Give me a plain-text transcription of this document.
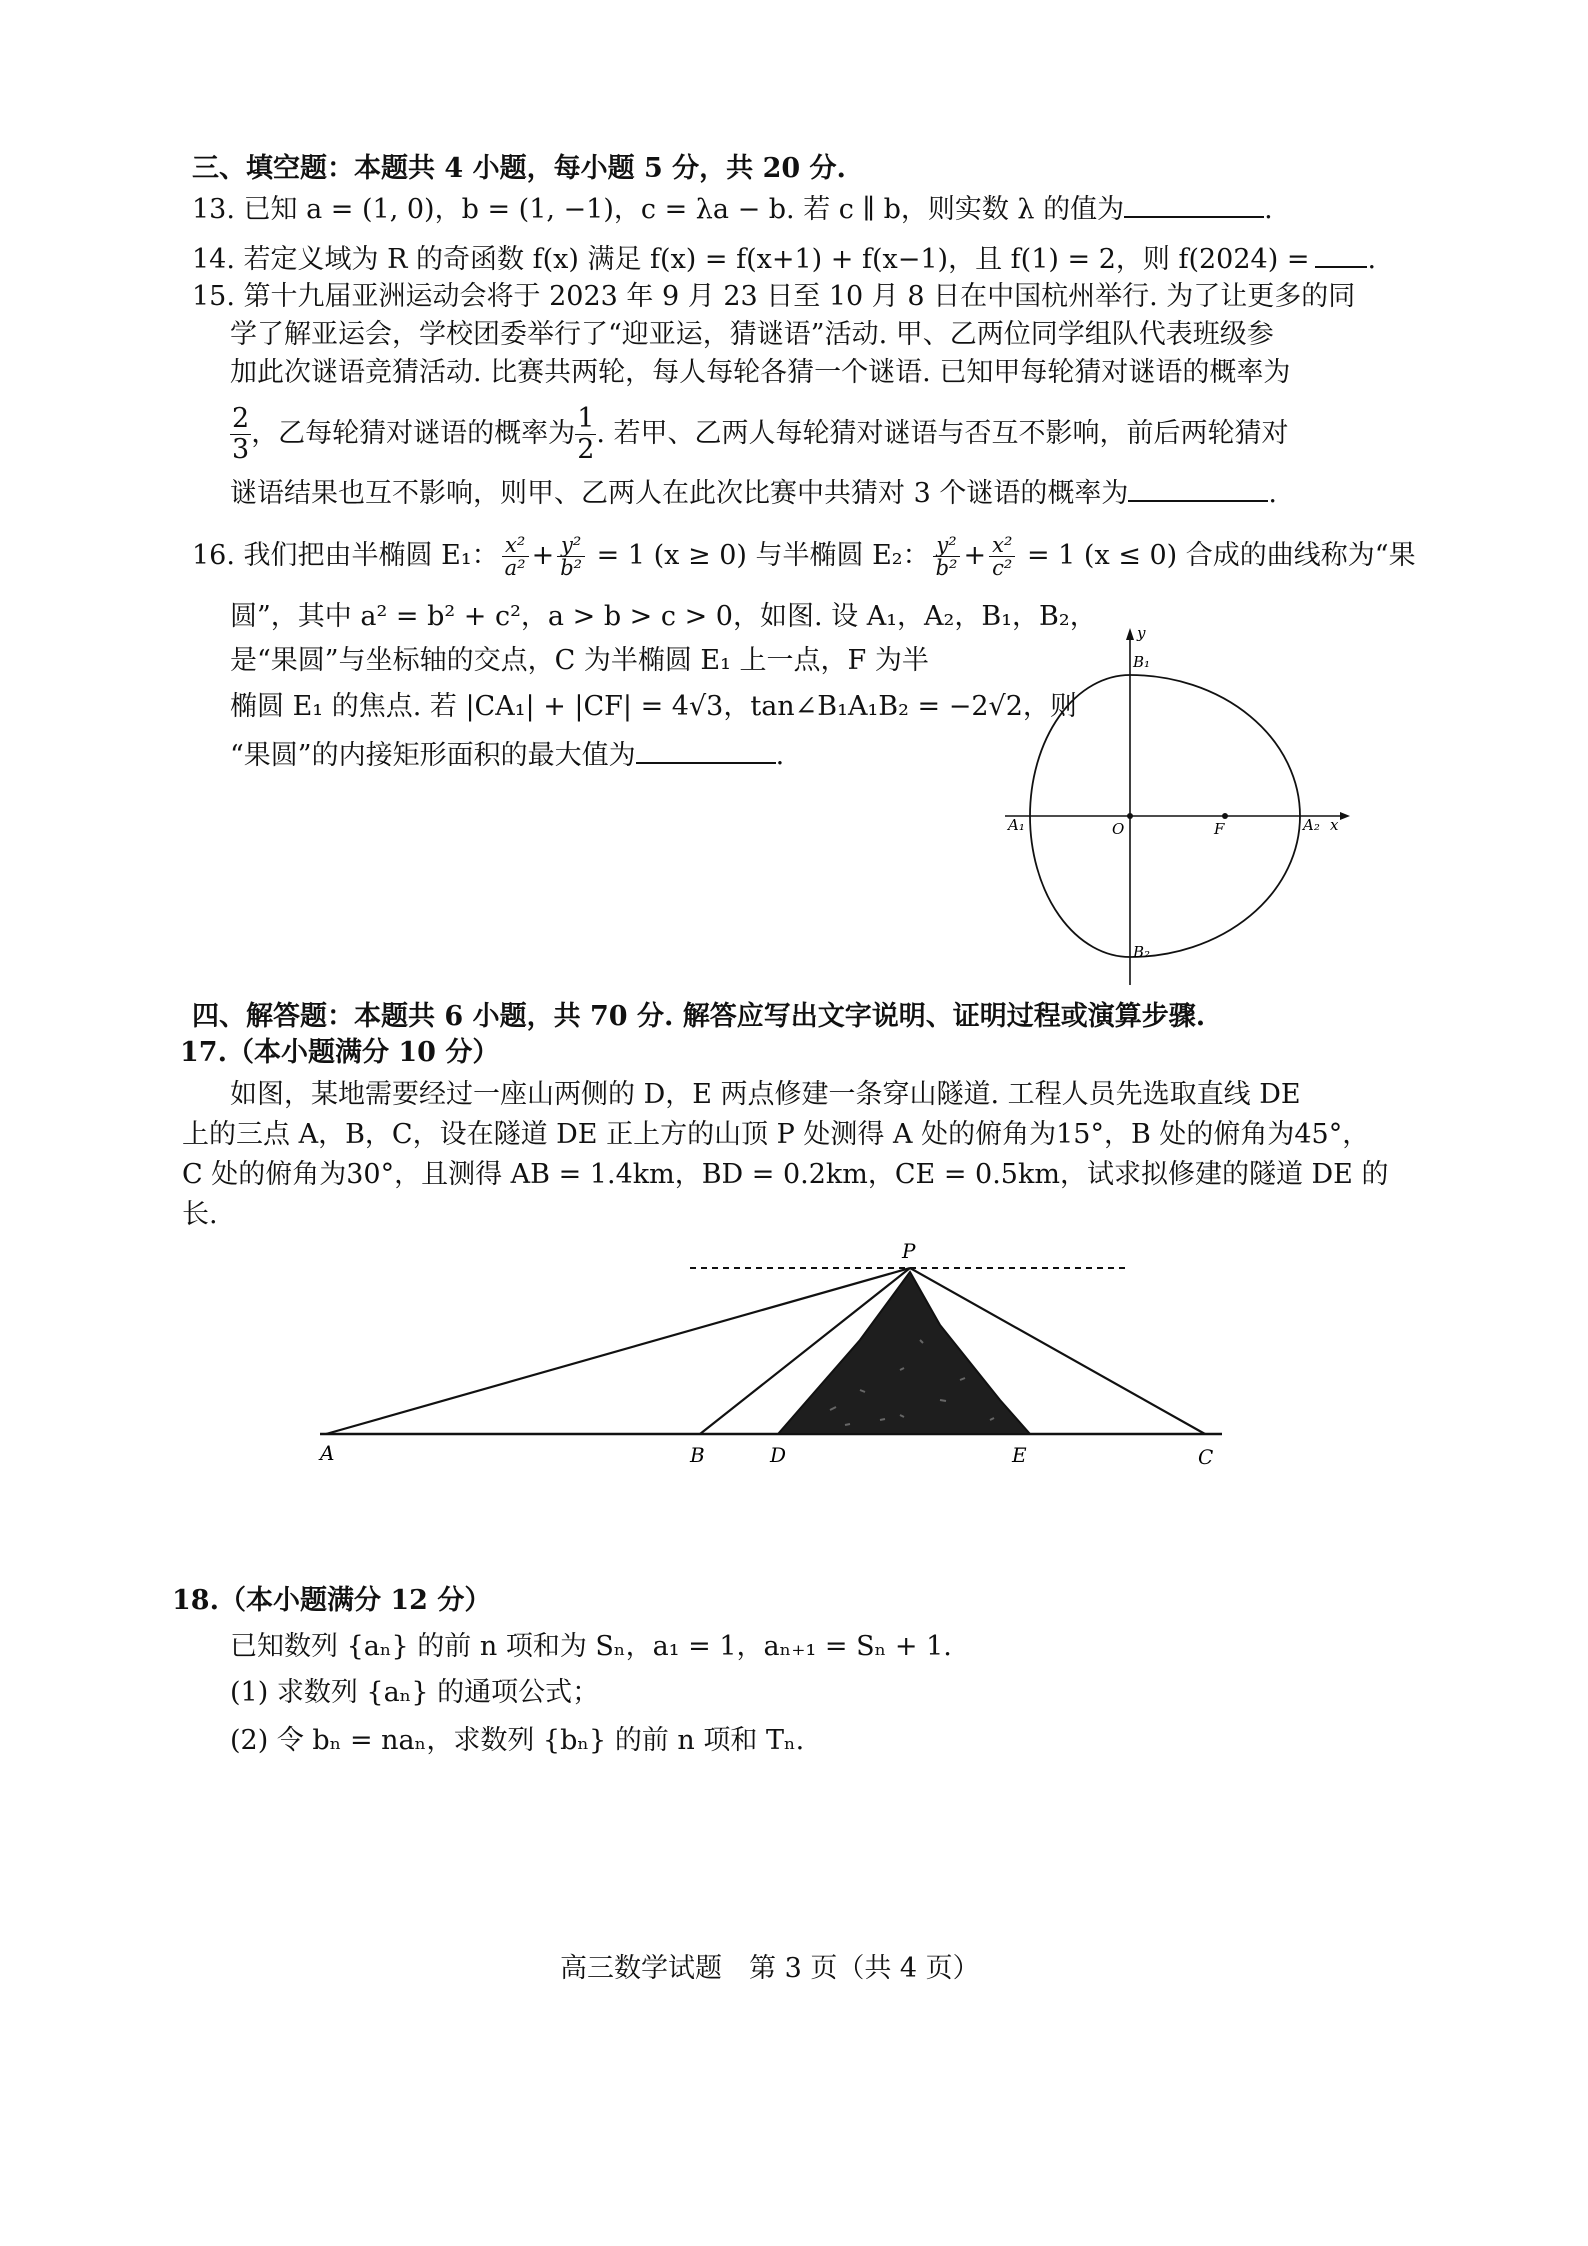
三、填空题：本题共 4 小题，每小题 5 分，共 20 分.
13. 已知 a = (1, 0)，b = (1, −1)，c = λa − b. 若 c ∥ b，则实数 λ 的值为	.
14. 若定义域为 R 的奇函数 f(x) 满足 f(x) = f(x+1) + f(x−1)，且 f(1) = 2，则 f(2024) = .
15. 第十九届亚洲运动会将于 2023 年 9 月 23 日至 10 月 8 日在中国杭州举行. 为了让更多的同
学了解亚运会，学校团委举行了“迎亚运，猜谜语”活动. 甲、乙两位同学组队代表班级参
加此次谜语竞猜活动. 比赛共两轮，每人每轮各猜一个谜语. 已知甲每轮猜对谜语的概率为
$\frac{2}{3}$ ，乙每轮猜对谜语的概率为 $\frac{1}{2}$ . 若甲、乙两人每轮猜对谜语与否互不影响，前后两轮猜对
谜语结果也互不影响，则甲、乙两人在此次比赛中共猜对 3 个谜语的概率为	.
16. 我们把由半椭圆 E₁： $\frac{\text{x²}}{\text{a²}} + \frac{\text{y²}}{\text{b²}} = 1$ (x ≥ 0) 与半椭圆 E₂： $\frac{\text{y²}}{\text{b²}} + \frac{\text{x²}}{\text{c²}} = 1$ (x ≤ 0) 合成的曲线称为“果
圆”，其中 a² = b² + c²，a > b > c > 0，如图. 设 A₁，A₂，B₁，B₂，
是“果圆”与坐标轴的交点，C 为半椭圆 E₁ 上一点，F 为半
椭圆 E₁ 的焦点. 若 |CA₁| + |CF| = 4√3，tan∠B₁A₁B₂ = −2√2，则
“果圆”的内接矩形面积的最大值为	.
y
B₁
B₂
A₁	A₂ x
O	F
四、解答题：本题共 6 小题，共 70 分. 解答应写出文字说明、证明过程或演算步骤.
17.（本小题满分 10 分）
如图，某地需要经过一座山两侧的 D，E 两点修建一条穿山隧道. 工程人员先选取直线 DE
上的三点 A，B，C，设在隧道 DE 正上方的山顶 P 处测得 A 处的俯角为15°，B 处的俯角为45°，
C 处的俯角为30°，且测得 AB = 1.4km，BD = 0.2km，CE = 0.5km，试求拟修建的隧道 DE 的
长.
P
A	B	D	E	C
18.（本小题满分 12 分）
已知数列 {aₙ} 的前 n 项和为 Sₙ，a₁ = 1，aₙ₊₁ = Sₙ + 1.
(1) 求数列 {aₙ} 的通项公式；
(2) 令 bₙ = naₙ，求数列 {bₙ} 的前 n 项和 Tₙ.
高三数学试题　第 3 页（共 4 页）
